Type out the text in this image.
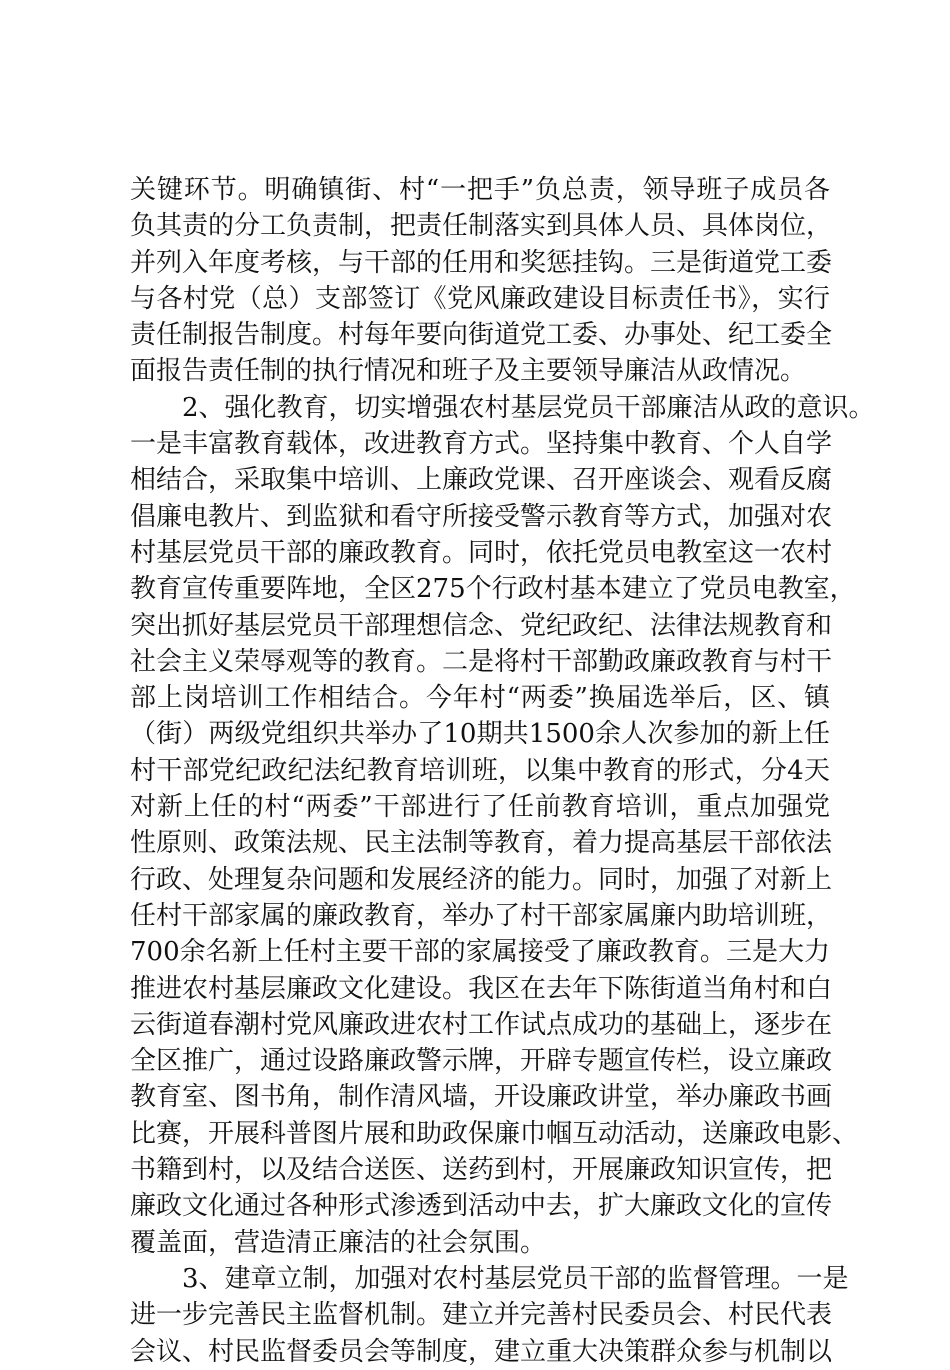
关键环节。明确镇街、村“一把手”负总责，领导班子成员各
负其责的分工负责制，把责任制落实到具体人员、具体岗位，
并列入年度考核，与干部的任用和奖惩挂钩。三是街道党工委
与各村党（总）支部签订《党风廉政建设目标责任书》，实行
责任制报告制度。村每年要向街道党工委、办事处、纪工委全
面报告责任制的执行情况和班子及主要领导廉洁从政情况。
2、强化教育，切实增强农村基层党员干部廉洁从政的意识。
一是丰富教育载体，改进教育方式。坚持集中教育、个人自学
相结合，采取集中培训、上廉政党课、召开座谈会、观看反腐
倡廉电教片、到监狱和看守所接受警示教育等方式，加强对农
村基层党员干部的廉政教育。同时，依托党员电教室这一农村
教育宣传重要阵地，全区275个行政村基本建立了党员电教室，
突出抓好基层党员干部理想信念、党纪政纪、法律法规教育和
社会主义荣辱观等的教育。二是将村干部勤政廉政教育与村干
部上岗培训工作相结合。今年村“两委”换届选举后，区、镇
（街）两级党组织共举办了10期共1500余人次参加的新上任
村干部党纪政纪法纪教育培训班，以集中教育的形式，分4天
对新上任的村“两委”干部进行了任前教育培训，重点加强党
性原则、政策法规、民主法制等教育，着力提高基层干部依法
行政、处理复杂问题和发展经济的能力。同时，加强了对新上
任村干部家属的廉政教育，举办了村干部家属廉内助培训班，
700余名新上任村主要干部的家属接受了廉政教育。三是大力
推进农村基层廉政文化建设。我区在去年下陈街道当角村和白
云街道春潮村党风廉政进农村工作试点成功的基础上，逐步在
全区推广，通过设路廉政警示牌，开辟专题宣传栏，设立廉政
教育室、图书角，制作清风墙，开设廉政讲堂，举办廉政书画
比赛，开展科普图片展和助政保廉巾帼互动活动，送廉政电影、
书籍到村，以及结合送医、送药到村，开展廉政知识宣传，把
廉政文化通过各种形式渗透到活动中去，扩大廉政文化的宣传
覆盖面，营造清正廉洁的社会氛围。
3、建章立制，加强对农村基层党员干部的监督管理。一是
进一步完善民主监督机制。建立并完善村民委员会、村民代表
会议、村民监督委员会等制度，建立重大决策群众参与机制以
